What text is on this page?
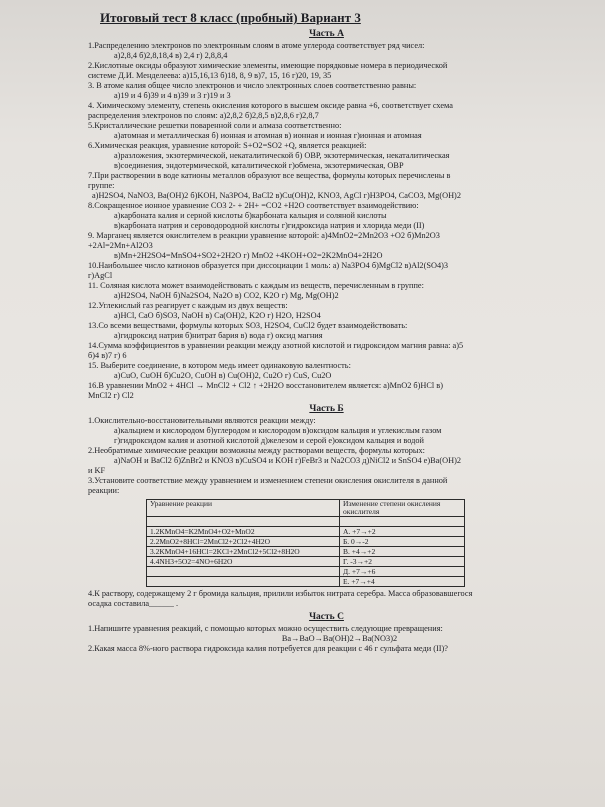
Итоговый тест 8 класс (пробный) Вариант 3
Часть А

1.Распределению электронов по электронным слоям в атоме углерода соответствует ряд чисел:

а)2,8,4 б)2,8,18,4 в) 2,4 г) 2,8,8,4

2.Кислотные оксиды образуют химические элементы, имеющие порядковые номера в периодической

системе Д.И. Менделеева: а)15,16,13 б)18, 8, 9 в)7, 15, 16 г)20, 19, 35

3. В атоме калия общее число электронов и число электронных слоев соответственно равны:

а)19 и 4 б)39 и 4 в)39 и 3 г)19 и 3

4. Химическому элементу, степень окисления которого в высшем оксиде равна +6, соответствует схема

распределения электронов по слоям: а)2,8,2 б)2,8,5 в)2,8,6 г)2,8,7

5.Кристаллические решетки поваренной соли и алмаза соответственно:

а)атомная и металлическая б) ионная и атомная в) ионная и ионная г)ионная и атомная

6.Химическая реакция, уравнение которой: S+O2=SO2 +Q, является реакцией:

а)разложения, экзотермической, некаталитической б) ОВР, экзотермическая, некаталитическая

в)соединения, эндотермической, каталитической г)обмена, экзотермическая, ОВР

7.При растворении в воде катионы металлов образуют все вещества, формулы которых перечислены в

группе:

а)H2SO4, NaNO3, Ba(OH)2 б)KOH, Na3PO4, BaCl2 в)Cu(OH)2, KNO3, AgCl г)H3PO4, CaCO3, Mg(OH)2

8.Сокращенное ионное уравнение CO3 2- + 2H+ =CO2 +H2O соответствует взаимодействию:

а)карбоната калия и серной кислоты б)карбоната кальция и соляной кислоты

в)карбоната натрия и сероводородной кислоты г)гидроксида натрия и хлорида меди (II)

9. Марганец является окислителем в реакции уравнение которой: а)4MnO2=2Mn2O3 +O2 б)Mn2O3

+2Al=2Mn+Al2O3

в)Mn+2H2SO4=MnSO4+SO2+2H2O г) MnO2 +4KOH+O2=2K2MnO4+2H2O

10.Наибольшее число катионов образуется при диссоциации 1 моль: а) Na3PO4 б)MgCl2 в)Al2(SO4)3

г)AgCl

11. Соляная кислота может взаимодействовать с каждым из веществ, перечисленным в группе:

а)H2SO4, NaOH б)Na2SO4, Na2O в) CO2, K2O г) Mg, Mg(OH)2

12.Углекислый газ реагирует с каждым из двух веществ:

а)HCl, CaO б)SO3, NaOH в) Ca(OH)2, K2O г) H2O, H2SO4

13.Со всеми веществами, формулы которых SO3, H2SO4, CuCl2 будет взаимодействовать:

а)гидроксид натрия б)нитрат бария в) вода г) оксид магния

14.Сумма коэффициентов в уравнении реакции между азотной кислотой и гидроксидом магния равна: а)5

б)4 в)7 г) 6

15. Выберите соединение, в котором медь имеет одинаковую валентность:

а)CuO, CuOH б)Cu2O, CuOH в) Cu(OH)2, Cu2O г) CuS, Cu2O

16.В уравнении MnO2 + 4HCl → MnCl2 + Cl2 ↑ +2H2O восстановителем является: а)MnO2 б)HCl в)

MnCl2 г) Cl2

Часть Б

1.Окислительно-восстановительными являются реакции между:

а)кальцием и кислородом б)углеродом и кислородом в)оксидом кальция и углекислым газом

г)гидроксидом калия и азотной кислотой д)железом и серой е)оксидом кальция и водой

2.Необратимые химические реакции возможны между растворами веществ, формулы которых:

а)NaOH и BaCl2 б)ZnBr2 и KNO3 в)CuSO4 и KOH г)FeBr3 и Na2CO3 д)NiCl2 и SnSO4 е)Ba(OH)2

и KF

3.Установите соответствие между уравнением и изменением степени окисления окислителя в данной

реакции:

Уравнение реакции	Изменение степени окисления окислителя

1.2KMnO4=K2MnO4+O2+MnO2	А. +7→+2
2.2MnO2+8HCl=2MnCl2+2Cl2+4H2O	Б. 0→-2
3.2KMnO4+16HCl=2KCl+2MnCl2+5Cl2+8H2O	В. +4→+2
4.4NH3+5O2=4NO+6H2O	Г. -3→+2
	Д. +7→+6
	Е. +7→+4

4.К раствору, содержащему 2 г бромида кальция, прилили избыток нитрата серебра. Масса образовавшегося

осадка составила______ .

Часть С

1.Напишите уравнения реакций, с помощью которых можно осуществить следующие превращения:

Ba→BaO→Ba(OH)2→Ba(NO3)2

2.Какая масса 8%-ного раствора гидроксида калия потребуется для реакции с 46 г сульфата меди (II)?
